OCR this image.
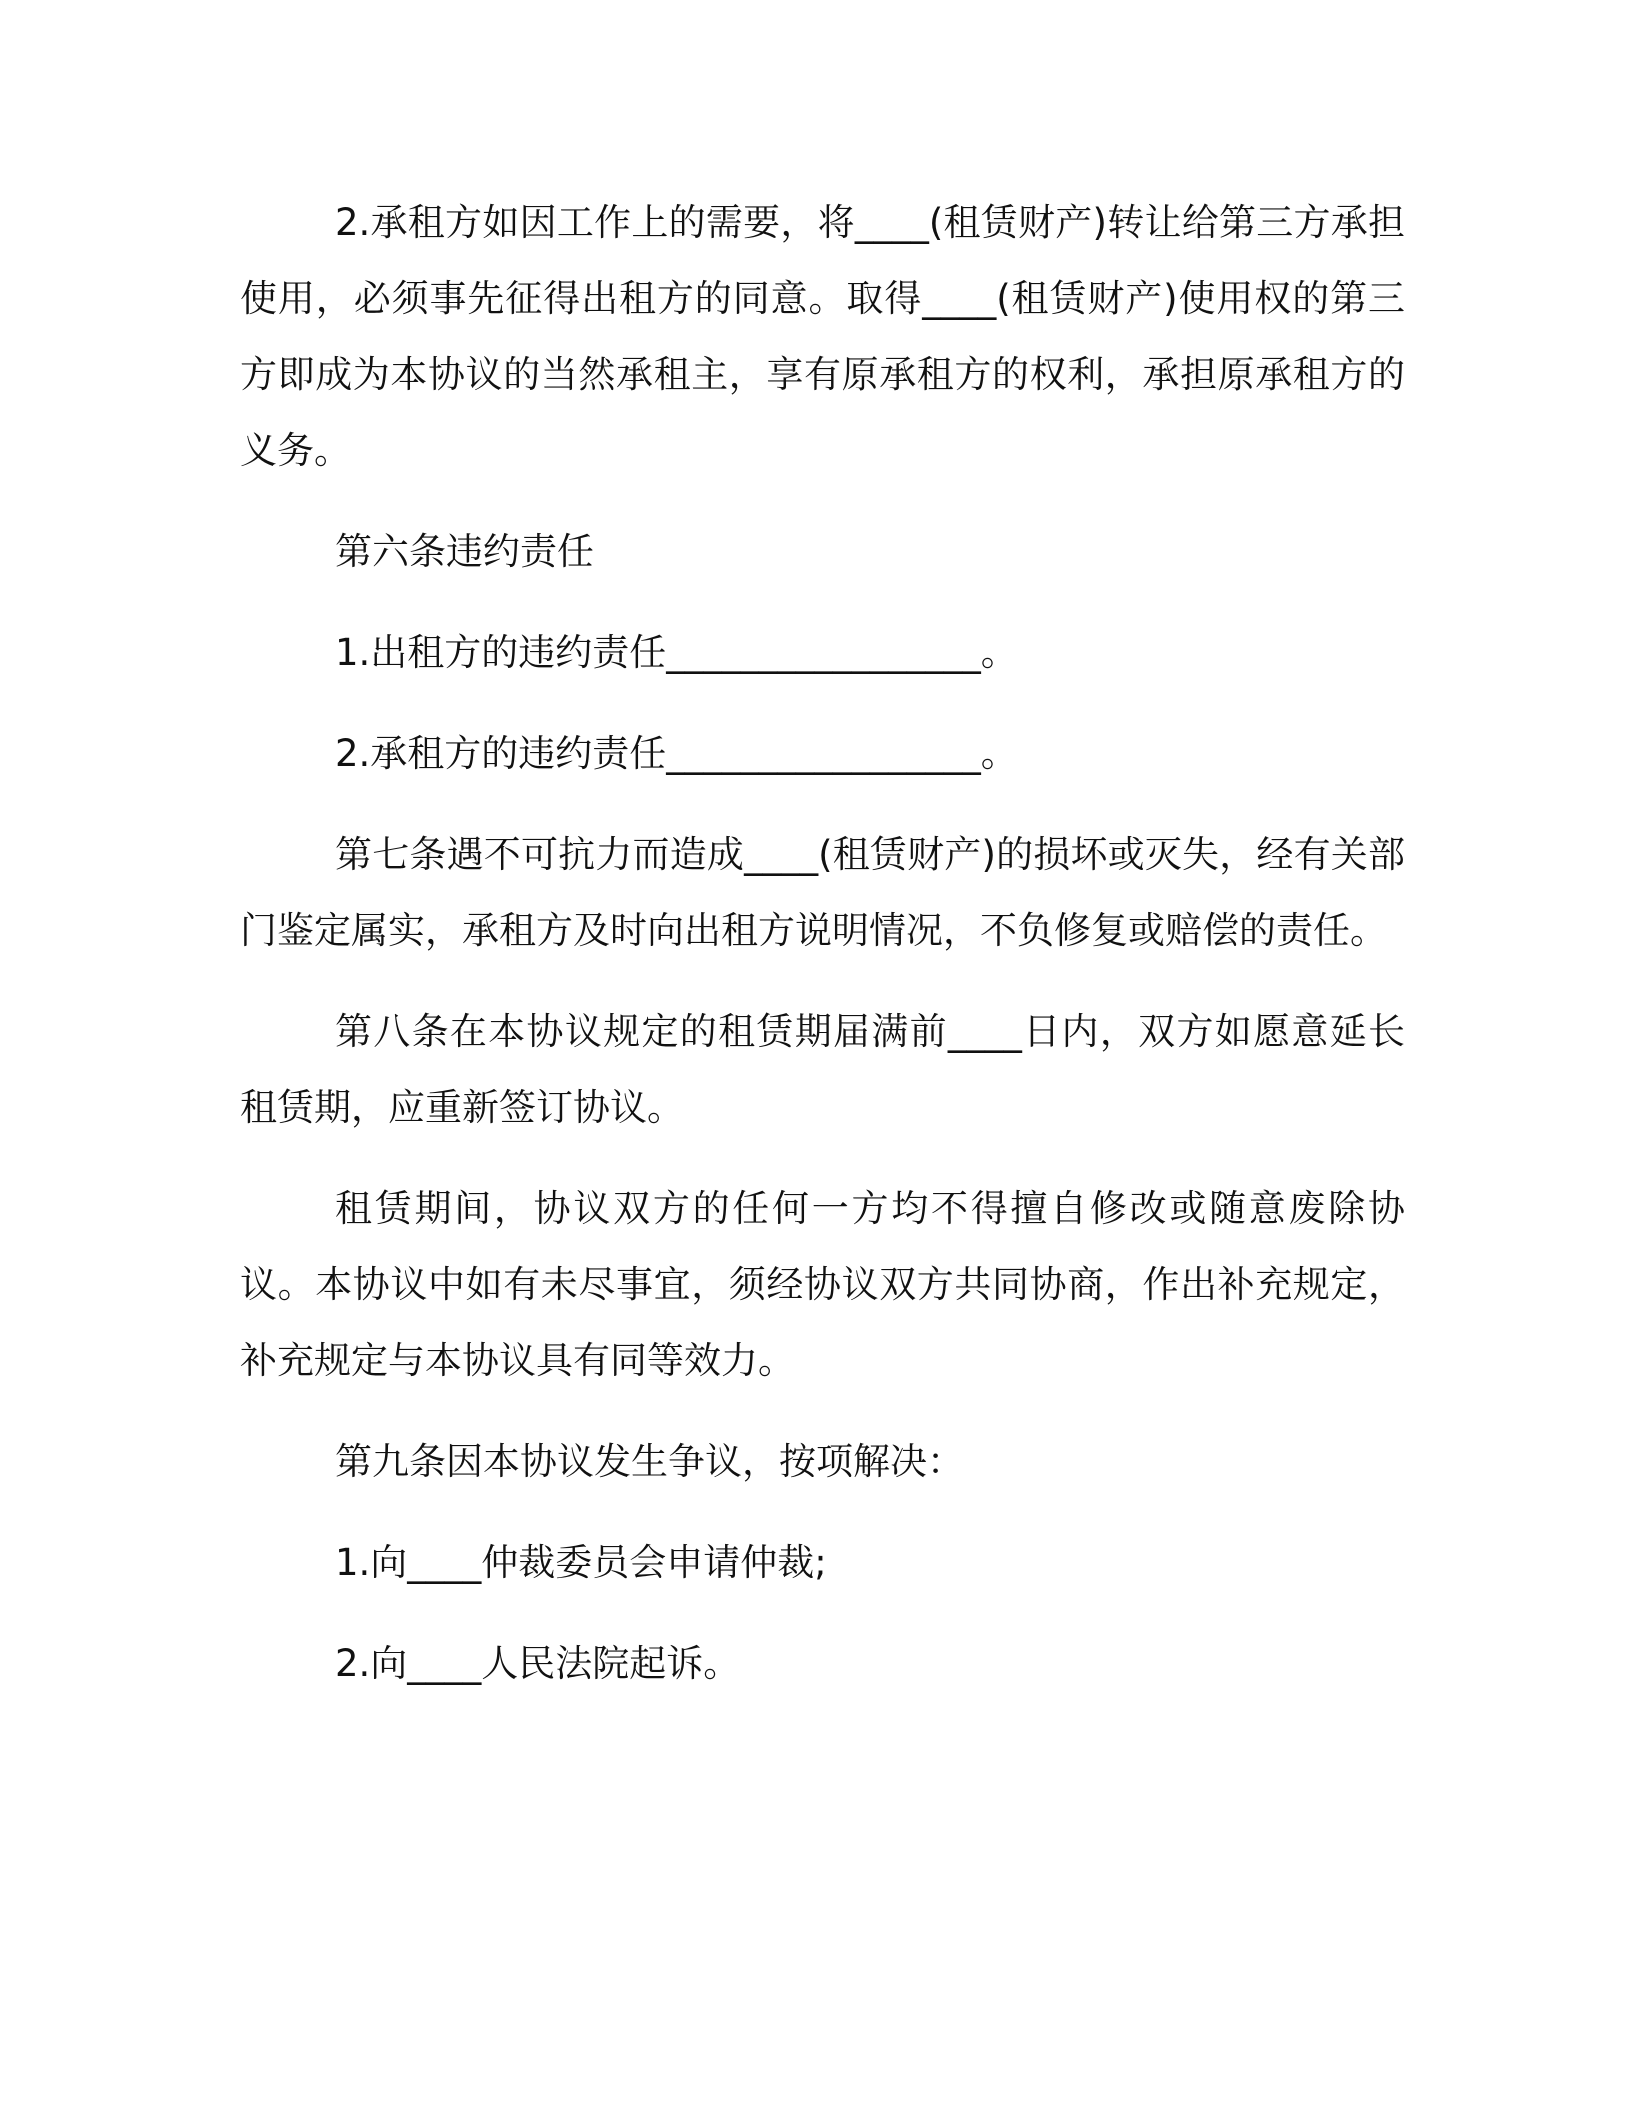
2.承租方如因工作上的需要，将____(租赁财产)转让给第三方承担使用，必须事先征得出租方的同意。取得____(租赁财产)使用权的第三方即成为本协议的当然承租主，享有原承租方的权利，承担原承租方的义务。

第六条违约责任

1.出租方的违约责任_________________。

2.承租方的违约责任_________________。

第七条遇不可抗力而造成____(租赁财产)的损坏或灭失，经有关部门鉴定属实，承租方及时向出租方说明情况，不负修复或赔偿的责任。

第八条在本协议规定的租赁期届满前____日内，双方如愿意延长租赁期，应重新签订协议。

租赁期间，协议双方的任何一方均不得擅自修改或随意废除协议。本协议中如有未尽事宜，须经协议双方共同协商，作出补充规定，补充规定与本协议具有同等效力。

第九条因本协议发生争议，按项解决：

1.向____仲裁委员会申请仲裁;

2.向____人民法院起诉。
